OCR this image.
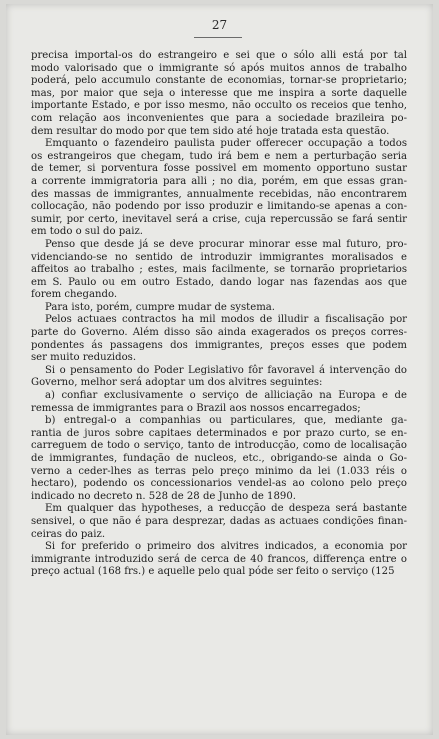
27
precisa importal-os do estrangeiro e sei que o sólo alli está por tal
modo valorisado que o immigrante só após muitos annos de trabalho
poderá, pelo accumulo constante de economias, tornar-se proprietario;
mas, por maior que seja o interesse que me inspira a sorte daquelle
importante Estado, e por isso mesmo, não occulto os receios que tenho,
com relação aos inconvenientes que para a sociedade brazileira po-
dem resultar do modo por que tem sido até hoje tratada esta questão.
Emquanto o fazendeiro paulista puder offerecer occupação a todos
os estrangeiros que chegam, tudo irá bem e nem a perturbação seria
de temer, si porventura fosse possivel em momento opportuno sustar
a corrente immigratoria para alli ; no dia, porém, em que essas gran-
des massas de immigrantes, annualmente recebidas, não encontrarem
collocação, não podendo por isso produzir e limitando-se apenas a con-
sumir, por certo, inevitavel será a crise, cuja repercussão se fará sentir
em todo o sul do paiz.
Penso que desde já se deve procurar minorar esse mal futuro, pro-
videnciando-se no sentido de introduzir immigrantes moralisados e
affeitos ao trabalho ; estes, mais facilmente, se tornarão proprietarios
em S. Paulo ou em outro Estado, dando logar nas fazendas aos que
forem chegando.
Para isto, porém, cumpre mudar de systema.
Pelos actuaes contractos ha mil modos de illudir a fiscalisação por
parte do Governo. Além disso são ainda exagerados os preços corres-
pondentes ás passagens dos immigrantes, preços esses que podem
ser muito reduzidos.
Si o pensamento do Poder Legislativo fôr favoravel á intervenção do
Governo, melhor será adoptar um dos alvitres seguintes:
a) confiar exclusivamente o serviço de alliciação na Europa e de
remessa de immigrantes para o Brazil aos nossos encarregados;
b) entregal-o a companhias ou particulares, que, mediante ga-
rantia de juros sobre capitaes determinados e por prazo curto, se en-
carreguem de todo o serviço, tanto de introducção, como de localisação
de immigrantes, fundação de nucleos, etc., obrigando-se ainda o Go-
verno a ceder-lhes as terras pelo preço minimo da lei (1.033 réis o
hectaro), podendo os concessionarios vendel-as ao colono pelo preço
indicado no decreto n. 528 de 28 de Junho de 1890.
Em qualquer das hypotheses, a reducção de despeza será bastante
sensivel, o que não é para desprezar, dadas as actuaes condições finan-
ceiras do paiz.
Si for preferido o primeiro dos alvitres indicados, a economia por
immigrante introduzido será de cerca de 40 francos, differença entre o
preço actual (168 frs.) e aquelle pelo qual póde ser feito o serviço (125
